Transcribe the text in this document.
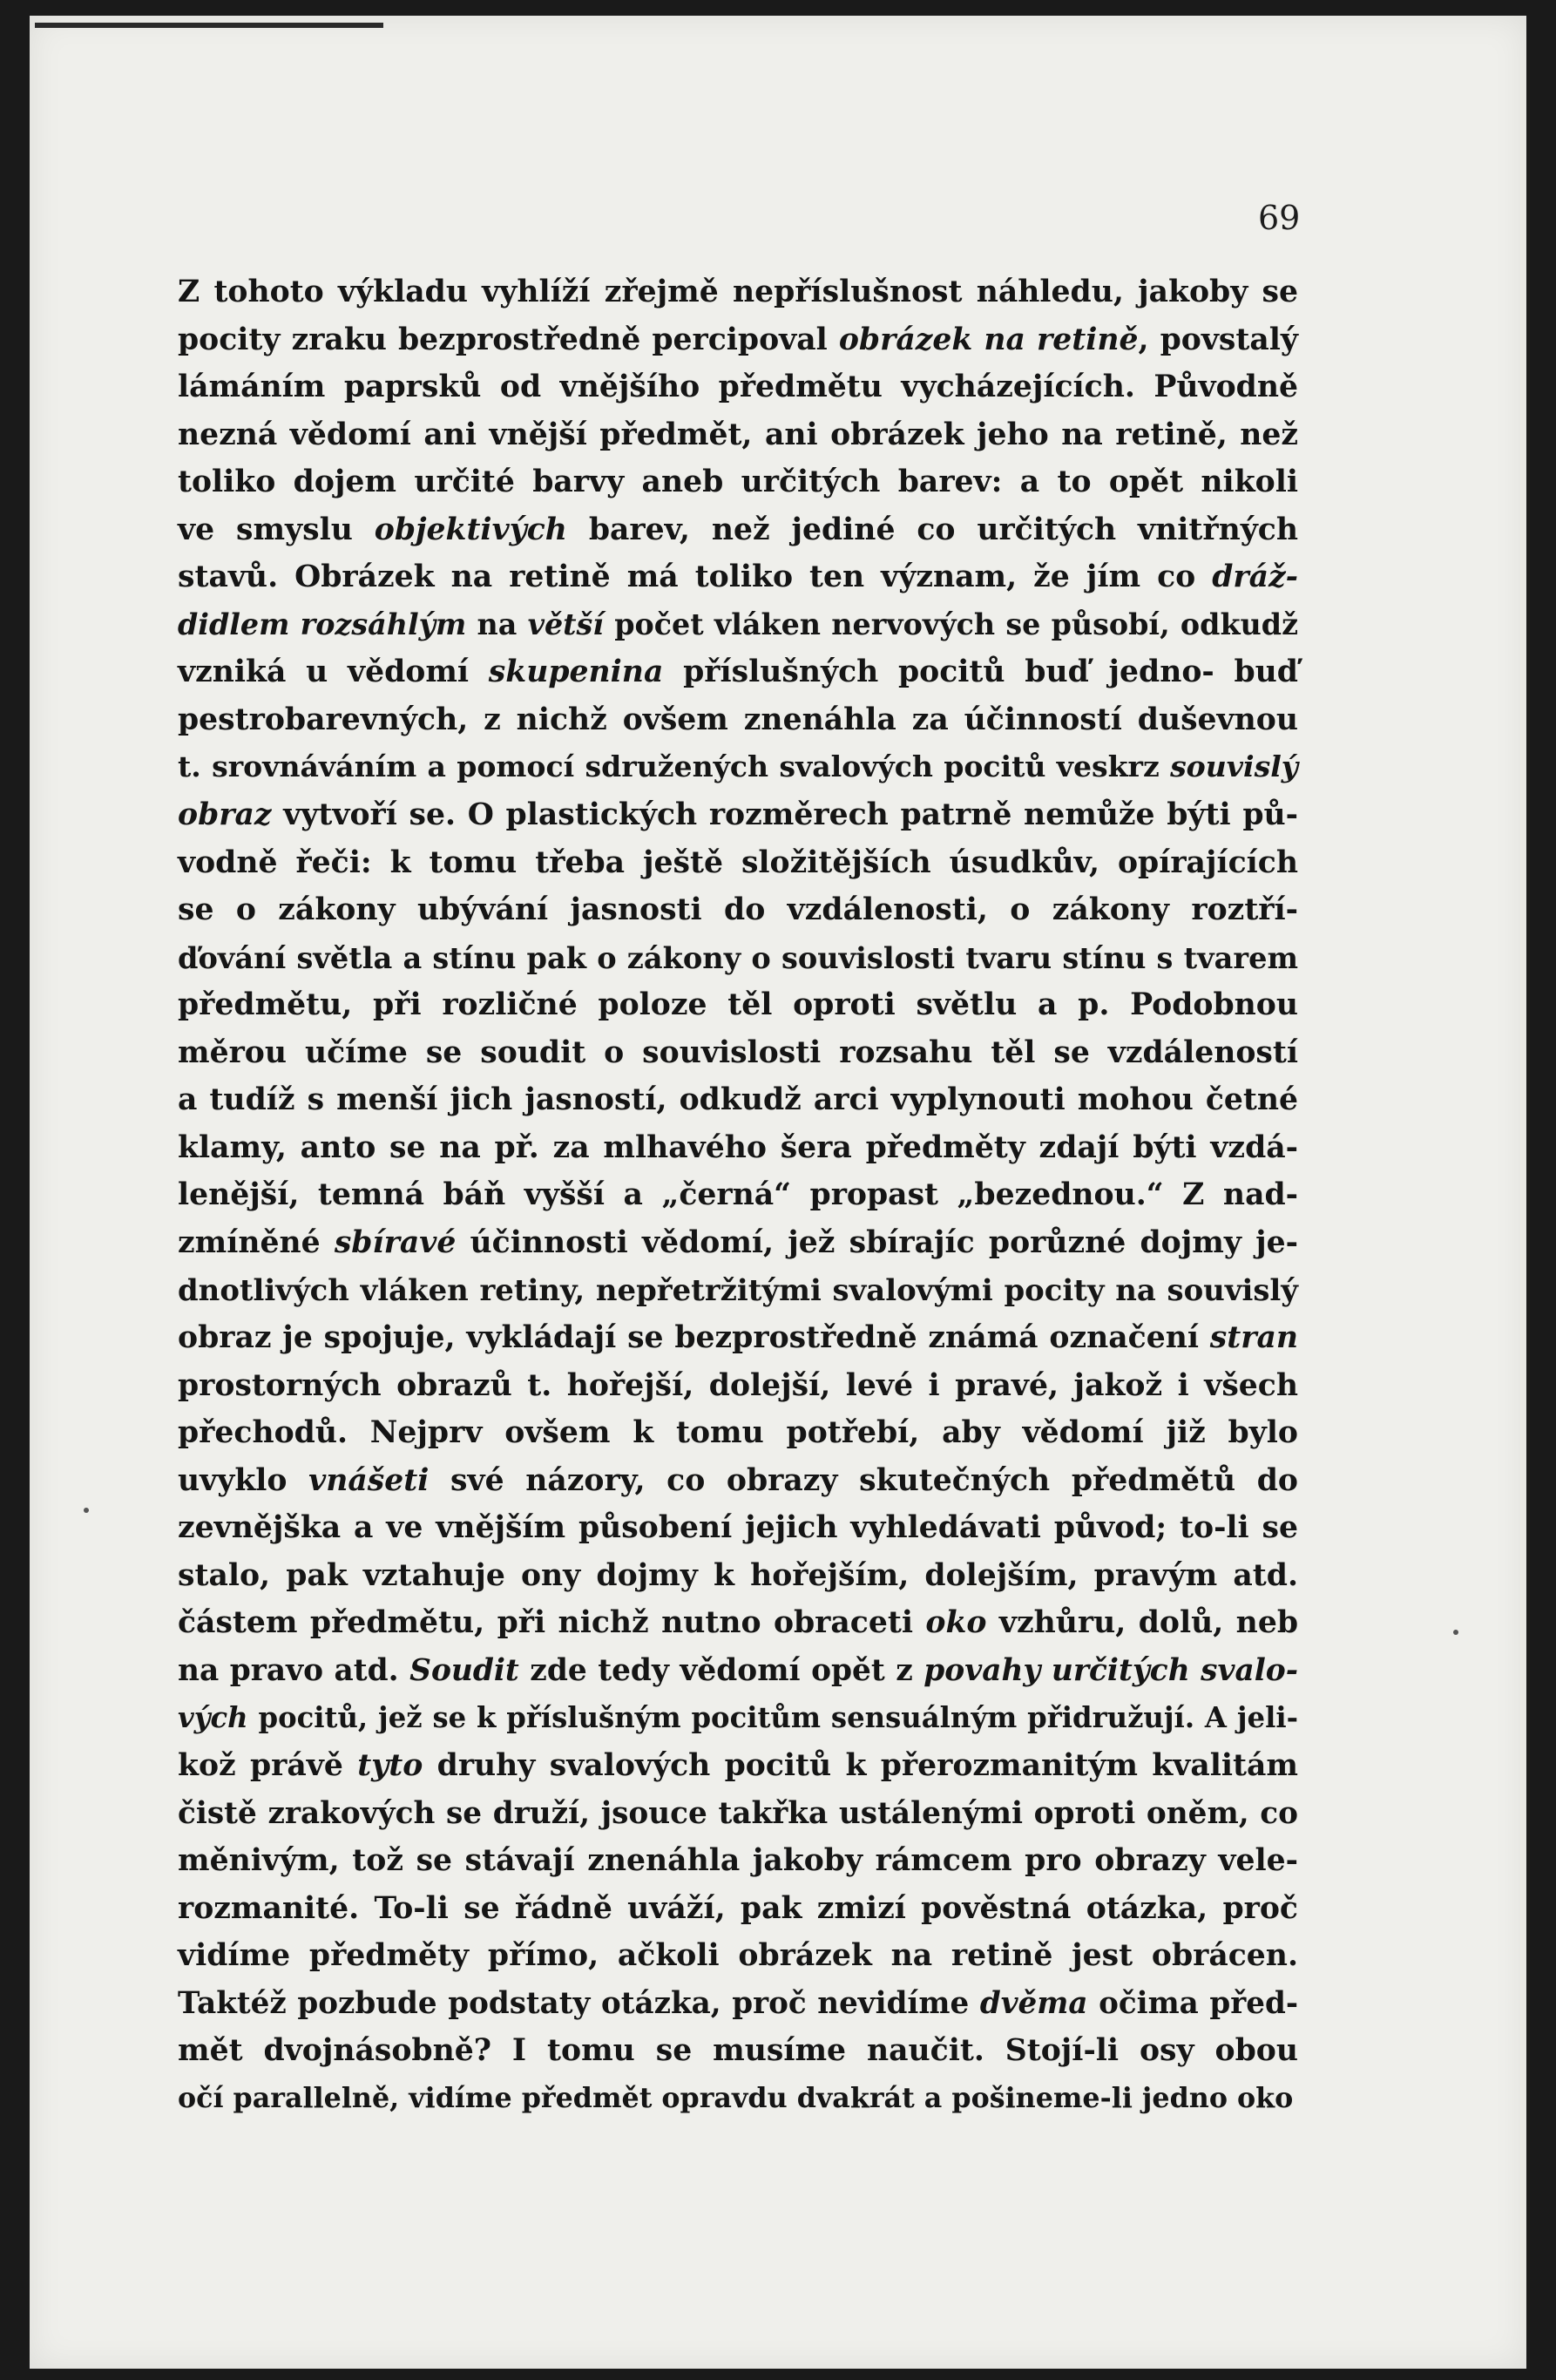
69
Z tohoto výkladu vyhlíží zřejmě nepříslušnost náhledu, jakoby se
pocity zraku bezprostředně percipoval obrázek na retině, povstalý
lámáním paprsků od vnějšího předmětu vycházejících. Původně
nezná vědomí ani vnější předmět, ani obrázek jeho na retině, než
toliko dojem určité barvy aneb určitých barev: a to opět nikoli
ve smyslu objektivých barev, než jediné co určitých vnitřných
stavů. Obrázek na retině má toliko ten význam, že jím co dráž-
didlem rozsáhlým na větší počet vláken nervových se působí, odkudž
vzniká u vědomí skupenina příslušných pocitů buď jedno- buď
pestrobarevných, z nichž ovšem znenáhla za účinností duševnou
t. srovnáváním a pomocí sdružených svalových pocitů veskrz souvislý
obraz vytvoří se. O plastických rozměrech patrně nemůže býti pů-
vodně řeči: k tomu třeba ještě složitějších úsudkův, opírajících
se o zákony ubývání jasnosti do vzdálenosti, o zákony roztří-
ďování světla a stínu pak o zákony o souvislosti tvaru stínu s tvarem
předmětu, při rozličné poloze těl oproti světlu a p. Podobnou
měrou učíme se soudit o souvislosti rozsahu těl se vzdáleností
a tudíž s menší jich jasností, odkudž arci vyplynouti mohou četné
klamy, anto se na př. za mlhavého šera předměty zdají býti vzdá-
lenější, temná báň vyšší a „černá“ propast „bezednou.“ Z nad-
zmíněné sbíravé účinnosti vědomí, jež sbírajíc porůzné dojmy je-
dnotlivých vláken retiny, nepřetržitými svalovými pocity na souvislý
obraz je spojuje, vykládají se bezprostředně známá označení stran
prostorných obrazů t. hořejší, dolejší, levé i pravé, jakož i všech
přechodů. Nejprv ovšem k tomu potřebí, aby vědomí již bylo
uvyklo vnášeti své názory, co obrazy skutečných předmětů do
zevnějška a ve vnějším působení jejich vyhledávati původ; to-li se
stalo, pak vztahuje ony dojmy k hořejším, dolejším, pravým atd.
částem předmětu, při nichž nutno obraceti oko vzhůru, dolů, neb
na pravo atd. Soudit zde tedy vědomí opět z povahy určitých svalo-
vých pocitů, jež se k příslušným pocitům sensuálným přidružují. A jeli-
kož právě tyto druhy svalových pocitů k přerozmanitým kvalitám
čistě zrakových se druží, jsouce takřka ustálenými oproti oněm, co
měnivým, tož se stávají znenáhla jakoby rámcem pro obrazy vele-
rozmanité. To-li se řádně uváží, pak zmizí pověstná otázka, proč
vidíme předměty přímo, ačkoli obrázek na retině jest obrácen.
Taktéž pozbude podstaty otázka, proč nevidíme dvěma očima před-
mět dvojnásobně? I tomu se musíme naučit. Stojí-li osy obou
očí parallelně, vidíme předmět opravdu dvakrát a pošineme-li jedno oko
